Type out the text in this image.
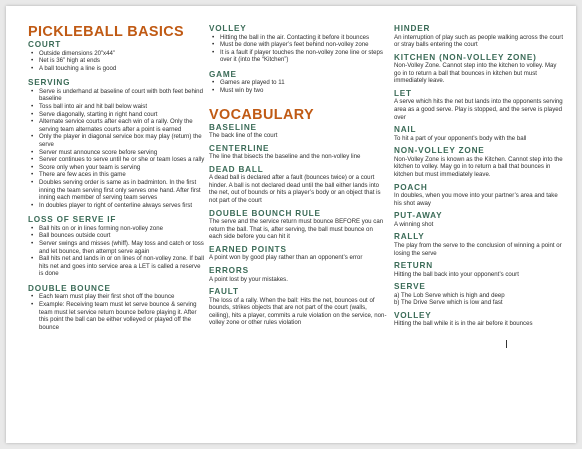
PICKLEBALL BASICS
COURT
• Outside dimensions 20”x44”
• Net is 36” high at ends
• A ball touching a line is good
SERVING
• Serve is underhand at baseline of court with both feet behind baseline
• Toss ball into air and hit ball below waist
• Serve diagonally, starting in right hand court
• Alternate service courts after each win of a rally. Only the serving team alternates courts after a point is earned
• Only the player in diagonal service box may play (return) the serve
• Server must announce score before serving
• Server continues to serve until he or she or team loses a rally
• Score only when your team is serving
• There are few aces in this game
• Doubles serving order is same as in badminton. In the first inning the team serving first only serves one hand. After first inning each member of serving team serves
• In doubles player to right of centerline always serves first
LOSS OF SERVE IF
• Ball hits on or in lines forming non-volley zone
• Ball bounces outside court
• Server swings and misses (whiff). May toss and catch or toss and let bounce, then attempt serve again
• Ball hits net and lands in or on lines of non-volley zone. If ball hits net and goes into service area a LET is called a reserve is done
DOUBLE BOUNCE
• Each team must play their first shot off the bounce
• Example: Receiving team must let serve bounce & serving team must let service return bounce before playing it. After this point the ball can be either volleyed or played off the bounce
VOLLEY
• Hitting the ball in the air. Contacting it before it bounces
• Must be done with player’s feet behind non-volley zone
• It is a fault if player touches the non-volley zone line or steps over it (into the “Kitchen”)
GAME
• Games are played to 11
• Must win by two
VOCABULARY
BASELINE

The back line of the court

CENTERLINE

The line that bisects the baseline and the non-volley line

DEAD BALL

A dead ball is declared after a fault (bounces twice) or a court hinder. A ball is not declared dead until the ball either lands into the net, out of bounds or hits a player’s body or an object that is not part of the court

DOUBLE BOUNCH RULE

The serve and the service return must bounce BEFORE you can return the ball. That is, after serving, the ball must bounce on each side before you can hit it

EARNED POINTS

A point won by good play rather than an opponent’s error

ERRORS

A point lost by your mistakes.

FAULT

The loss of a rally. When the ball: Hits the net, bounces out of bounds, strikes objects that are not part of the court (walls, ceiling), hits a player, commits a rule violation on the service, non-volley zone or other rules violation

HINDER

An interruption of play such as people walking across the court or stray balls entering the court

KITCHEN (NON-VOLLEY ZONE)

Non-Volley Zone. Cannot step into the kitchen to volley. May go in to return a ball that bounces in kitchen but must immediately leave.

LET

A serve which hits the net but lands into the opponents serving area as a good serve. Play is stopped, and the serve is played over

NAIL

To hit a part of your opponent’s body with the ball

NON-VOLLEY ZONE

Non-Volley Zone is known as the Kitchen. Cannot step into the kitchen to volley. May go in to return a ball that bounces in kitchen but must immediately leave.

POACH

In doubles, when you move into your partner’s area and take his shot away

PUT-AWAY

A winning shot

RALLY

The play from the serve to the conclusion of winning a point or losing the serve

RETURN

Hitting the ball back into your opponent’s court

SERVE

a) The Lob Serve which is high and deep
b) The Drive Serve which is low and fast

VOLLEY

Hitting the ball while it is in the air before it bounces
